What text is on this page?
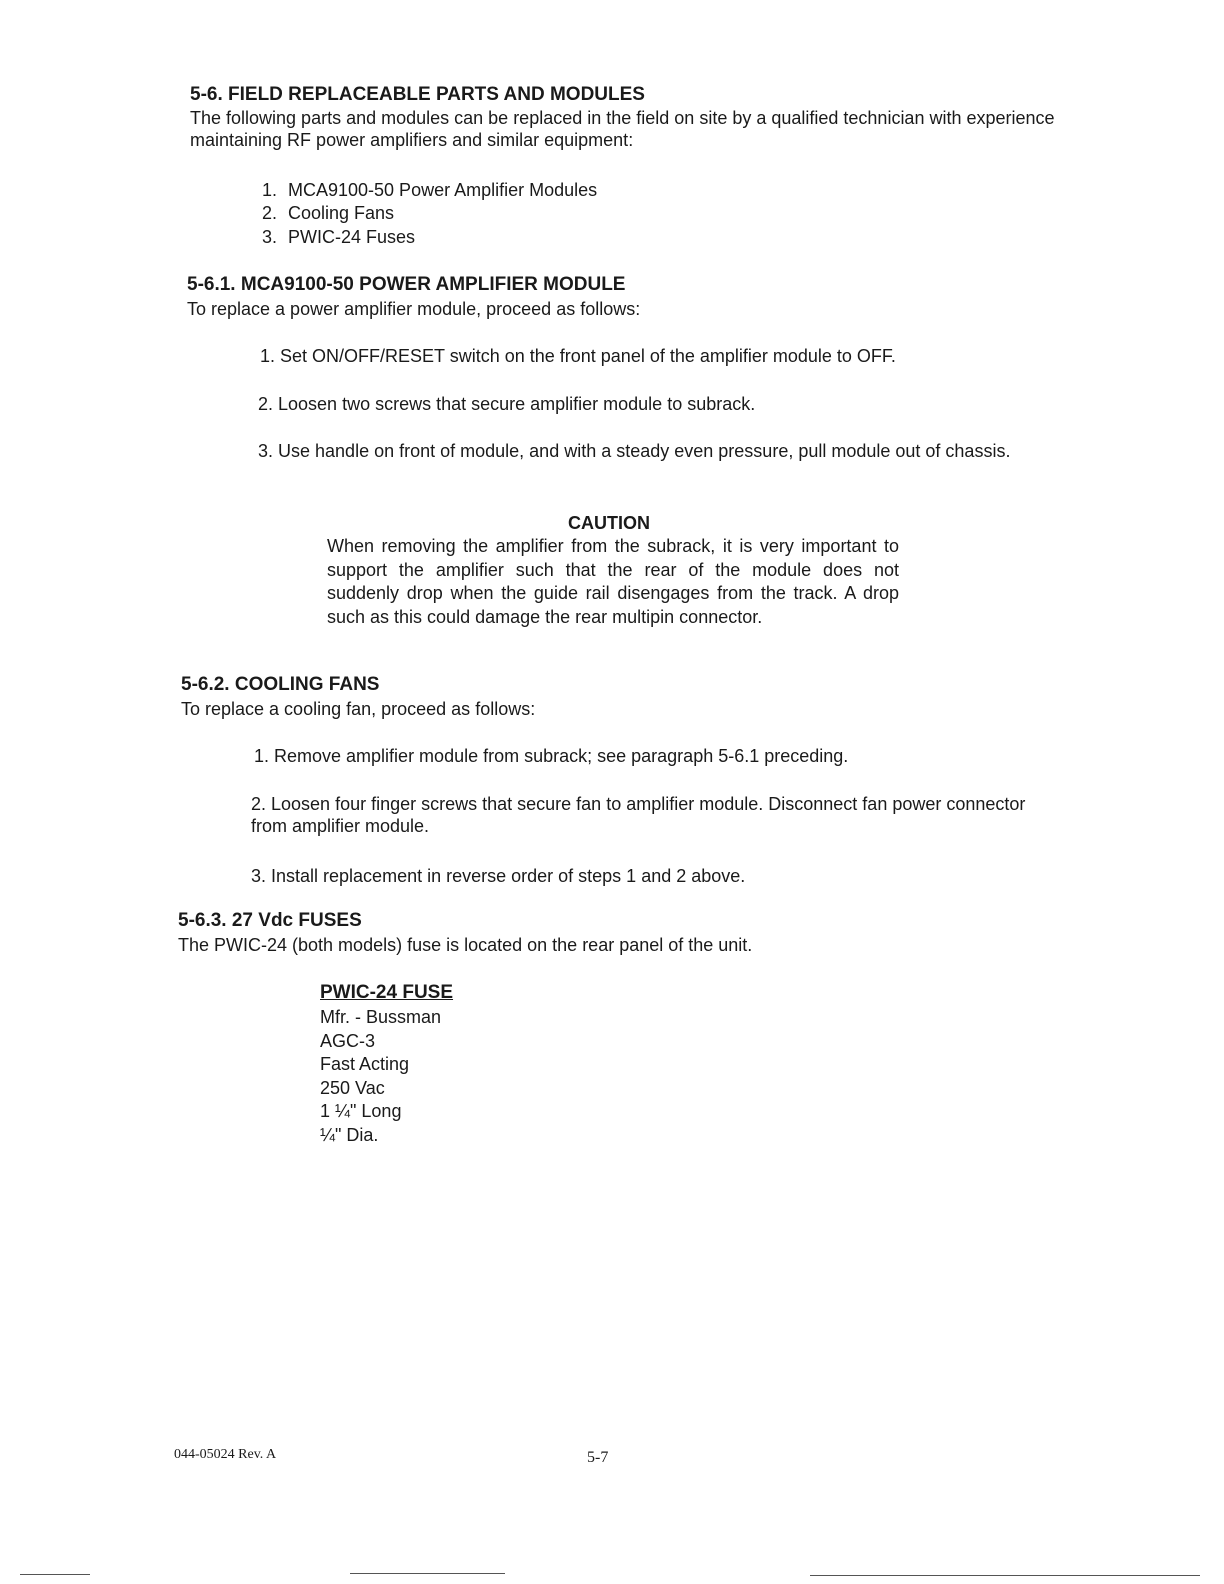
5-6. FIELD REPLACEABLE PARTS AND MODULES
The following parts and modules can be replaced in the field on site by a qualified technician with experience maintaining RF power amplifiers and similar equipment:
1. MCA9100-50 Power Amplifier Modules
2. Cooling Fans
3. PWIC-24 Fuses
5-6.1. MCA9100-50 POWER AMPLIFIER MODULE
To replace a power amplifier module, proceed as follows:
1. Set ON/OFF/RESET switch on the front panel of the amplifier module to OFF.
2. Loosen two screws that secure amplifier module to subrack.
3. Use handle on front of module, and with a steady even pressure, pull module out of chassis.
CAUTION
When removing the amplifier from the subrack, it is very important to support the amplifier such that the rear of the module does not suddenly drop when the guide rail disengages from the track. A drop such as this could damage the rear multipin connector.
5-6.2. COOLING FANS
To replace a cooling fan, proceed as follows:
1. Remove amplifier module from subrack; see paragraph 5-6.1 preceding.
2. Loosen four finger screws that secure fan to amplifier module. Disconnect fan power connector from amplifier module.
3. Install replacement in reverse order of steps 1 and 2 above.
5-6.3. 27 Vdc FUSES
The PWIC-24 (both models) fuse is located on the rear panel of the unit.
PWIC-24 FUSE
Mfr. - Bussman
AGC-3
Fast Acting
250 Vac
1 ¼" Long
¼" Dia.
044-05024 Rev. A	5-7
